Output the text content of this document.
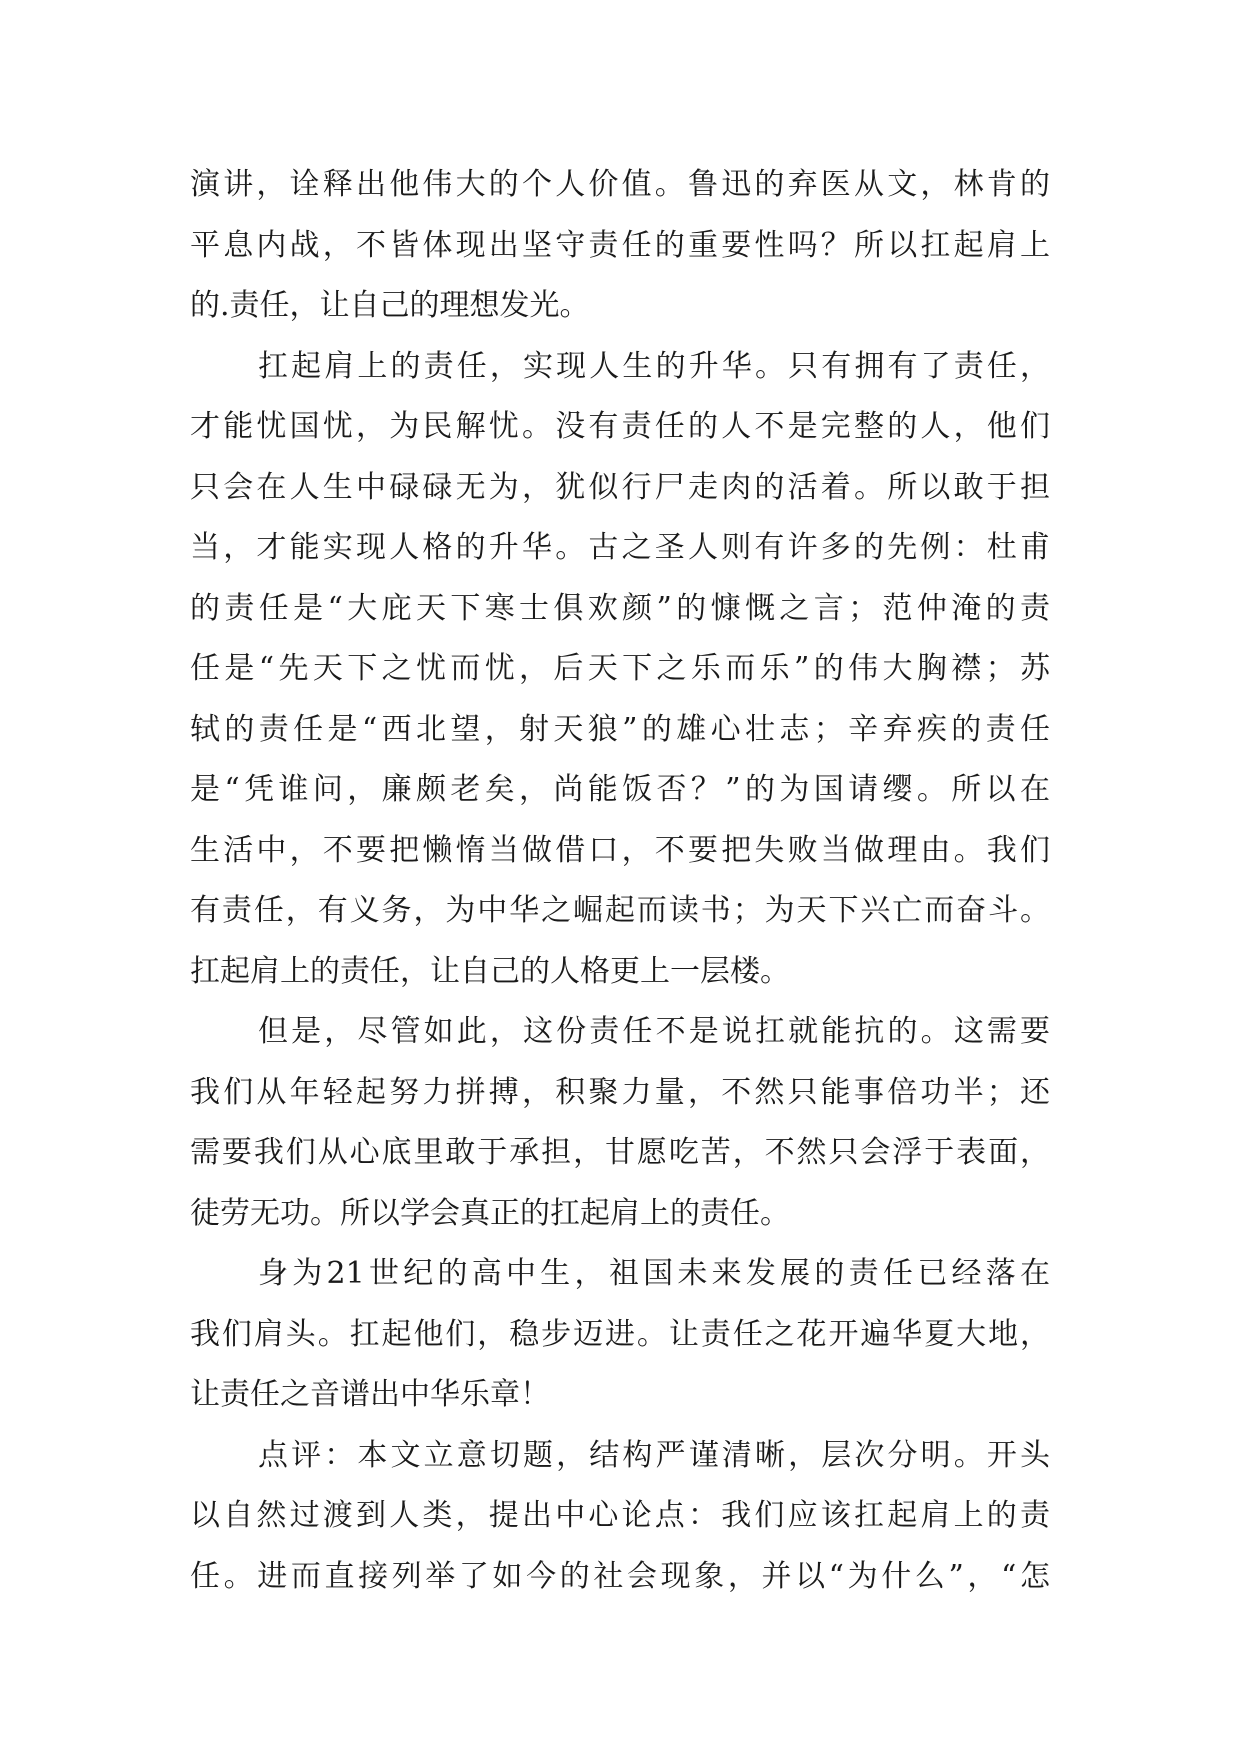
演讲，诠释出他伟大的个人价值。鲁迅的弃医从文，林肯的
平息内战，不皆体现出坚守责任的重要性吗？所以扛起肩上
的.责任，让自己的理想发光。
扛起肩上的责任，实现人生的升华。只有拥有了责任，
才能忧国忧，为民解忧。没有责任的人不是完整的人，他们
只会在人生中碌碌无为，犹似行尸走肉的活着。所以敢于担
当，才能实现人格的升华。古之圣人则有许多的先例：杜甫
的责任是“大庇天下寒士俱欢颜”的慷慨之言；范仲淹的责
任是“先天下之忧而忧，后天下之乐而乐”的伟大胸襟；苏
轼的责任是“西北望，射天狼”的雄心壮志；辛弃疾的责任
是“凭谁问，廉颇老矣，尚能饭否？”的为国请缨。所以在
生活中，不要把懒惰当做借口，不要把失败当做理由。我们
有责任，有义务，为中华之崛起而读书；为天下兴亡而奋斗。
扛起肩上的责任，让自己的人格更上一层楼。
但是，尽管如此，这份责任不是说扛就能抗的。这需要
我们从年轻起努力拼搏，积聚力量，不然只能事倍功半；还
需要我们从心底里敢于承担，甘愿吃苦，不然只会浮于表面，
徒劳无功。所以学会真正的扛起肩上的责任。
身为21世纪的高中生，祖国未来发展的责任已经落在
我们肩头。扛起他们，稳步迈进。让责任之花开遍华夏大地，
让责任之音谱出中华乐章！
点评：本文立意切题，结构严谨清晰，层次分明。开头
以自然过渡到人类，提出中心论点：我们应该扛起肩上的责
任。进而直接列举了如今的社会现象，并以“为什么”，“怎
